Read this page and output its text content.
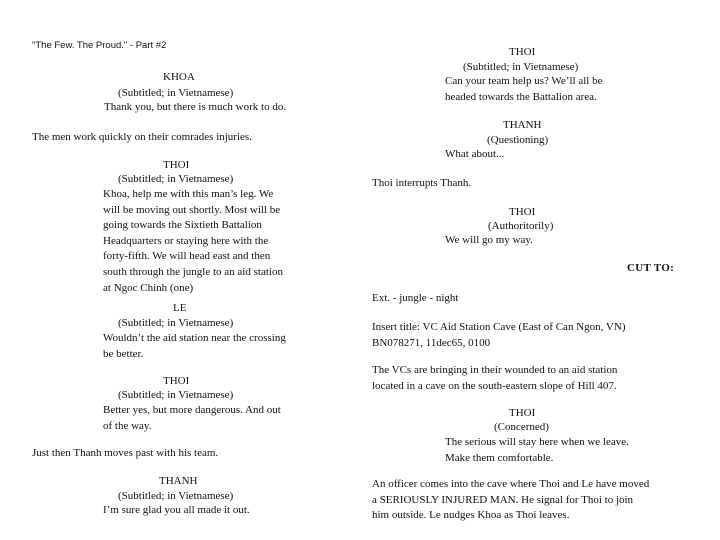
"The Few. The Proud." - Part #2
KHOA
(Subtitled; in Vietnamese)
Thank you, but there is much work to do.
The men work quickly on their comrades injuries.
THOI
(Subtitled; in Vietnamese)
Khoa, help me with this man’s leg. We
will be moving out shortly. Most will be
going towards the Sixtieth Battalion
Headquarters or staying here with the
forty-fifth. We will head east and then
south through the jungle to an aid station
at Ngoc Chinh (one)
LE
(Subtitled; in Vietnamese)
Wouldn’t the aid station near the crossing
be better.
THOI
(Subtitled; in Vietnamese)
Better yes, but more dangerous. And out
of the way.
Just then Thanh moves past with his team.
THANH
(Subtitled; in Vietnamese)
I’m sure glad you all made it out.
THOI
(Subtitled; in Vietnamese)
Can your team help us? We’ll all be
headed towards the Battalion area.
THANH
(Questioning)
What about...
Thoi interrupts Thanh.
THOI
(Authoritorily)
We will go my way.
CUT TO:
Ext. - jungle - night
Insert title: VC Aid Station Cave (East of Can Ngon, VN)
BN078271, 11dec65, 0100
The VCs are bringing in their wounded to an aid station
located in a cave on the south-eastern slope of Hill 407.
THOI
(Concerned)
The serious will stay here when we leave.
Make them comfortable.
An officer comes into the cave where Thoi and Le have moved
a SERIOUSLY INJURED MAN. He signal for Thoi to join
him outside. Le nudges Khoa as Thoi leaves.
